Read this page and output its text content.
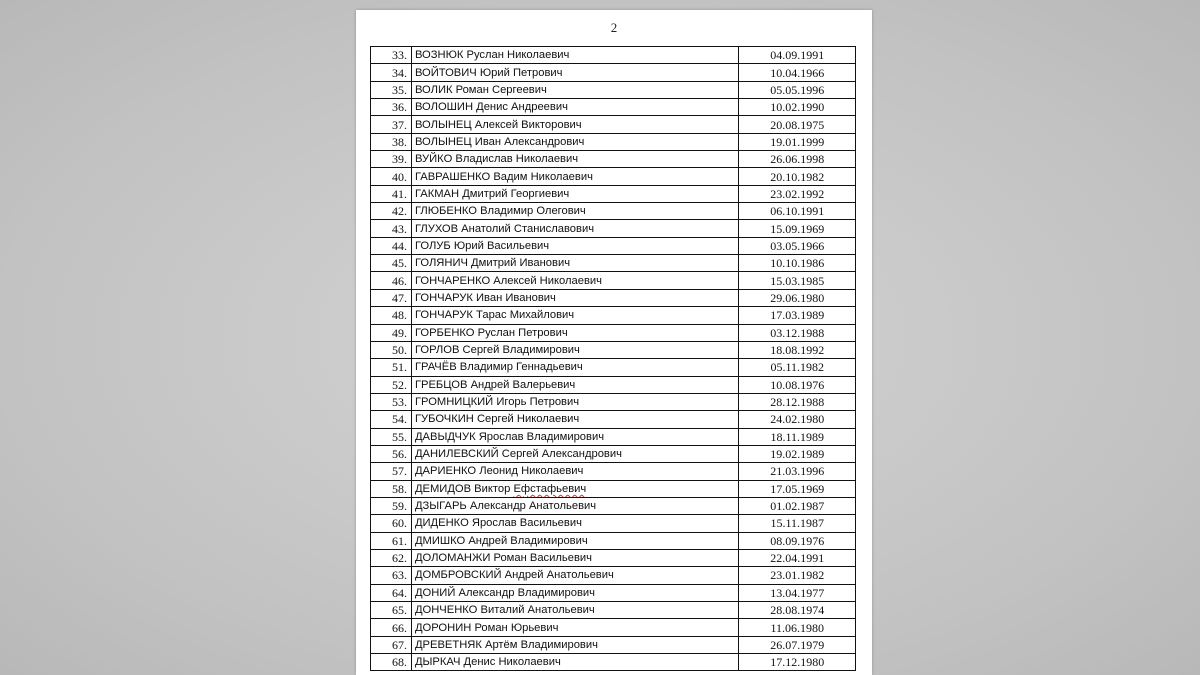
2
33.	ВОЗНЮК Руслан Николаевич	04.09.1991
34.	ВОЙТОВИЧ Юрий Петрович	10.04.1966
35.	ВОЛИК Роман Сергеевич	05.05.1996
36.	ВОЛОШИН Денис Андреевич	10.02.1990
37.	ВОЛЫНЕЦ Алексей Викторович	20.08.1975
38.	ВОЛЫНЕЦ Иван Александрович	19.01.1999
39.	ВУЙКО Владислав Николаевич	26.06.1998
40.	ГАВРАШЕНКО Вадим Николаевич	20.10.1982
41.	ГАКМАН Дмитрий Георгиевич	23.02.1992
42.	ГЛЮБЕНКО Владимир Олегович	06.10.1991
43.	ГЛУХОВ Анатолий Станиславович	15.09.1969
44.	ГОЛУБ Юрий Васильевич	03.05.1966
45.	ГОЛЯНИЧ Дмитрий Иванович	10.10.1986
46.	ГОНЧАРЕНКО Алексей Николаевич	15.03.1985
47.	ГОНЧАРУК Иван Иванович	29.06.1980
48.	ГОНЧАРУК Тарас Михайлович	17.03.1989
49.	ГОРБЕНКО Руслан Петрович	03.12.1988
50.	ГОРЛОВ Сергей Владимирович	18.08.1992
51.	ГРАЧЁВ Владимир Геннадьевич	05.11.1982
52.	ГРЕБЦОВ Андрей Валерьевич	10.08.1976
53.	ГРОМНИЦКИЙ Игорь Петрович	28.12.1988
54.	ГУБОЧКИН Сергей Николаевич	24.02.1980
55.	ДАВЫДЧУК Ярослав Владимирович	18.11.1989
56.	ДАНИЛЕВСКИЙ Сергей Александрович	19.02.1989
57.	ДАРИЕНКО Леонид Николаевич	21.03.1996
58.	ДЕМИДОВ Виктор Ефстафьевич	17.05.1969
59.	ДЗЫГАРЬ Александр Анатольевич	01.02.1987
60.	ДИДЕНКО Ярослав Васильевич	15.11.1987
61.	ДМИШКО Андрей Владимирович	08.09.1976
62.	ДОЛОМАНЖИ Роман Васильевич	22.04.1991
63.	ДОМБРОВСКИЙ Андрей Анатольевич	23.01.1982
64.	ДОНИЙ Александр Владимирович	13.04.1977
65.	ДОНЧЕНКО Виталий Анатольевич	28.08.1974
66.	ДОРОНИН Роман Юрьевич	11.06.1980
67.	ДРЕВЕТНЯК Артём Владимирович	26.07.1979
68.	ДЫРКАЧ Денис Николаевич	17.12.1980
